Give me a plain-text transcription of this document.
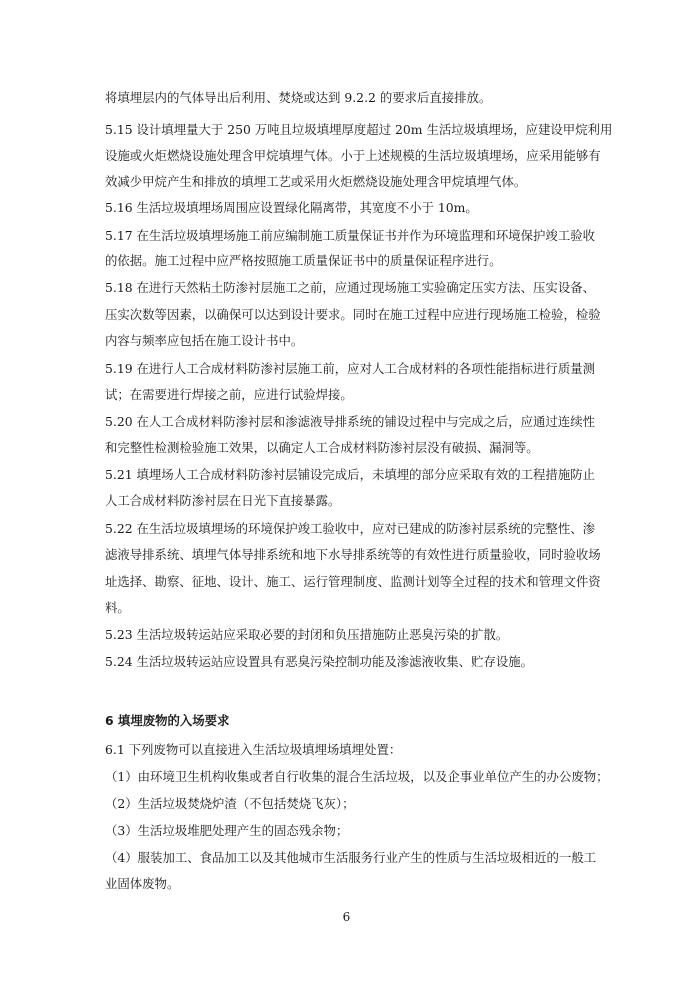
将填埋层内的气体导出后利用、焚烧或达到 9.2.2 的要求后直接排放。
5.15 设计填埋量大于 250 万吨且垃圾填埋厚度超过 20m 生活垃圾填埋场，应建设甲烷利用
设施或火炬燃烧设施处理含甲烷填埋气体。小于上述规模的生活垃圾填埋场，应采用能够有
效减少甲烷产生和排放的填埋工艺或采用火炬燃烧设施处理含甲烷填埋气体。
5.16 生活垃圾填埋场周围应设置绿化隔离带，其宽度不小于 10m。
5.17 在生活垃圾填埋场施工前应编制施工质量保证书并作为环境监理和环境保护竣工验收
的依据。施工过程中应严格按照施工质量保证书中的质量保证程序进行。
5.18 在进行天然粘土防渗衬层施工之前，应通过现场施工实验确定压实方法、压实设备、
压实次数等因素，以确保可以达到设计要求。同时在施工过程中应进行现场施工检验，检验
内容与频率应包括在施工设计书中。
5.19 在进行人工合成材料防渗衬层施工前，应对人工合成材料的各项性能指标进行质量测
试；在需要进行焊接之前，应进行试验焊接。
5.20 在人工合成材料防渗衬层和渗滤液导排系统的铺设过程中与完成之后，应通过连续性
和完整性检测检验施工效果，以确定人工合成材料防渗衬层没有破损、漏洞等。
5.21 填埋场人工合成材料防渗衬层铺设完成后，未填埋的部分应采取有效的工程措施防止
人工合成材料防渗衬层在日光下直接暴露。
5.22 在生活垃圾填埋场的环境保护竣工验收中，应对已建成的防渗衬层系统的完整性、渗
滤液导排系统、填埋气体导排系统和地下水导排系统等的有效性进行质量验收，同时验收场
址选择、勘察、征地、设计、施工、运行管理制度、监测计划等全过程的技术和管理文件资
料。
5.23 生活垃圾转运站应采取必要的封闭和负压措施防止恶臭污染的扩散。
5.24 生活垃圾转运站应设置具有恶臭污染控制功能及渗滤液收集、贮存设施。
6 填埋废物的入场要求
6.1 下列废物可以直接进入生活垃圾填埋场填埋处置：
（1）由环境卫生机构收集或者自行收集的混合生活垃圾，以及企事业单位产生的办公废物；
（2）生活垃圾焚烧炉渣（不包括焚烧飞灰）；
（3）生活垃圾堆肥处理产生的固态残余物；
（4）服装加工、食品加工以及其他城市生活服务行业产生的性质与生活垃圾相近的一般工
业固体废物。
6
